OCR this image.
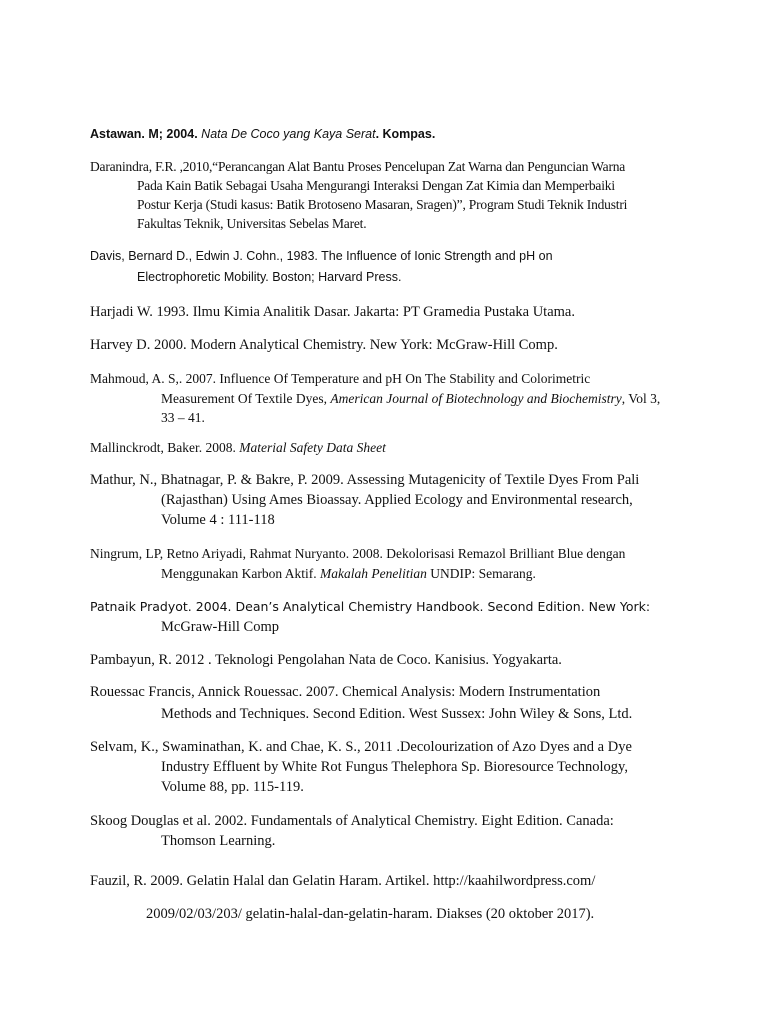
Astawan. M; 2004. Nata De Coco yang Kaya Serat. Kompas.
Daranindra, F.R. ,2010,“Perancangan Alat Bantu Proses Pencelupan Zat Warna dan Penguncian Warna
Pada Kain Batik Sebagai Usaha Mengurangi Interaksi Dengan Zat Kimia dan Memperbaiki
Postur Kerja (Studi kasus: Batik Brotoseno Masaran, Sragen)”, Program Studi Teknik Industri
Fakultas Teknik, Universitas Sebelas Maret.
Davis, Bernard D., Edwin J. Cohn., 1983. The Influence of Ionic Strength and pH on
Electrophoretic Mobility. Boston; Harvard Press.
Harjadi W. 1993. Ilmu Kimia Analitik Dasar. Jakarta: PT Gramedia Pustaka Utama.
Harvey D. 2000. Modern Analytical Chemistry. New York: McGraw-Hill Comp.
Mahmoud, A. S,. 2007. Influence Of Temperature and pH On The Stability and Colorimetric
Measurement Of Textile Dyes, American Journal of Biotechnology and Biochemistry, Vol 3,
33 – 41.
Mallinckrodt, Baker. 2008. Material Safety Data Sheet
Mathur, N., Bhatnagar, P. & Bakre, P. 2009. Assessing Mutagenicity of Textile Dyes From Pali
(Rajasthan) Using Ames Bioassay. Applied Ecology and Environmental research,
Volume 4 : 111-118
Ningrum, LP, Retno Ariyadi, Rahmat Nuryanto. 2008. Dekolorisasi Remazol Brilliant Blue dengan
Menggunakan Karbon Aktif. Makalah Penelitian UNDIP: Semarang.
Patnaik Pradyot. 2004. Dean’s Analytical Chemistry Handbook. Second Edition. New York:
McGraw-Hill Comp
Pambayun, R. 2012 . Teknologi Pengolahan Nata de Coco. Kanisius. Yogyakarta.
Rouessac Francis, Annick Rouessac. 2007. Chemical Analysis: Modern Instrumentation
Methods and Techniques. Second Edition. West Sussex: John Wiley & Sons, Ltd.
Selvam, K., Swaminathan, K. and Chae, K. S., 2011 .Decolourization of Azo Dyes and a Dye
Industry Effluent by White Rot Fungus Thelephora Sp. Bioresource Technology,
Volume 88, pp. 115-119.
Skoog Douglas et al. 2002. Fundamentals of Analytical Chemistry. Eight Edition. Canada:
Thomson Learning.
Fauzil, R. 2009. Gelatin Halal dan Gelatin Haram. Artikel. http://kaahilwordpress.com/
2009/02/03/203/ gelatin-halal-dan-gelatin-haram. Diakses (20 oktober 2017).
